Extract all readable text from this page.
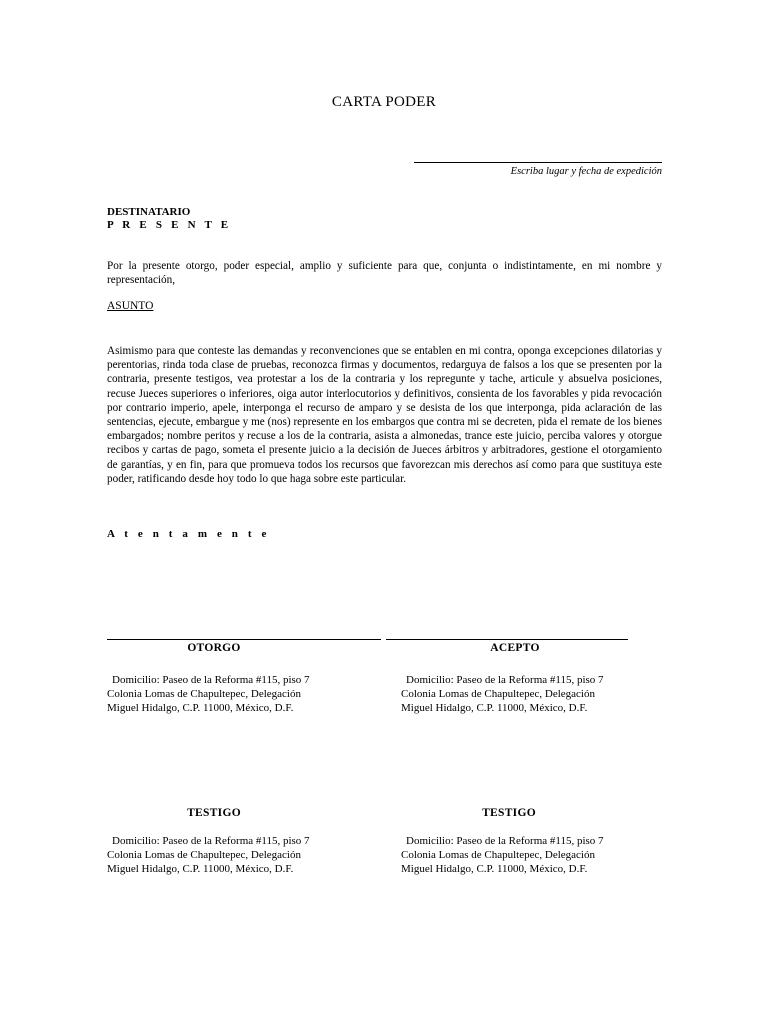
CARTA PODER
Escriba lugar y fecha de expedición
DESTINATARIO
P R E S E N T E
Por la presente otorgo, poder especial, amplio y suficiente para que, conjunta o indistintamente, en mi nombre y representación,
ASUNTO
Asimismo para que conteste las demandas y reconvenciones que se entablen en mi contra, oponga excepciones dilatorias y perentorias, rinda toda clase de pruebas, reconozca firmas y documentos, redarguya de falsos a los que se presenten por la contraria, presente testigos, vea protestar a los de la contraria y los repregunte y tache, articule y absuelva posiciones, recuse Jueces superiores o inferiores, oiga autor interlocutorios y definitivos, consienta de los favorables y pida revocación por contrario imperio, apele, interponga el recurso de amparo y se desista de los que interponga, pida aclaración de las sentencias, ejecute, embargue y me (nos) represente en los embargos que contra mi se decreten, pida el remate de los bienes embargados; nombre peritos y recuse a los de la contraria, asista a almonedas, trance este juicio, perciba valores y otorgue recibos y cartas de pago, someta el presente juicio a la decisión de Jueces árbitros y arbitradores, gestione el otorgamiento de garantías, y en fin, para que promueva todos los recursos que favorezcan mis derechos así como para que sustituya este poder, ratificando desde hoy todo lo que haga sobre este particular.
A t e n t a m e n t e
OTORGO	ACEPTO
Domicilio: Paseo de la Reforma #115, piso 7
Colonia Lomas de Chapultepec, Delegación
Miguel Hidalgo, C.P. 11000, México, D.F.
Domicilio: Paseo de la Reforma #115, piso 7
Colonia Lomas de Chapultepec, Delegación
Miguel Hidalgo, C.P. 11000, México, D.F.
TESTIGO	TESTIGO
Domicilio: Paseo de la Reforma #115, piso 7
Colonia Lomas de Chapultepec, Delegación
Miguel Hidalgo, C.P. 11000, México, D.F.
Domicilio: Paseo de la Reforma #115, piso 7
Colonia Lomas de Chapultepec, Delegación
Miguel Hidalgo, C.P. 11000, México, D.F.
